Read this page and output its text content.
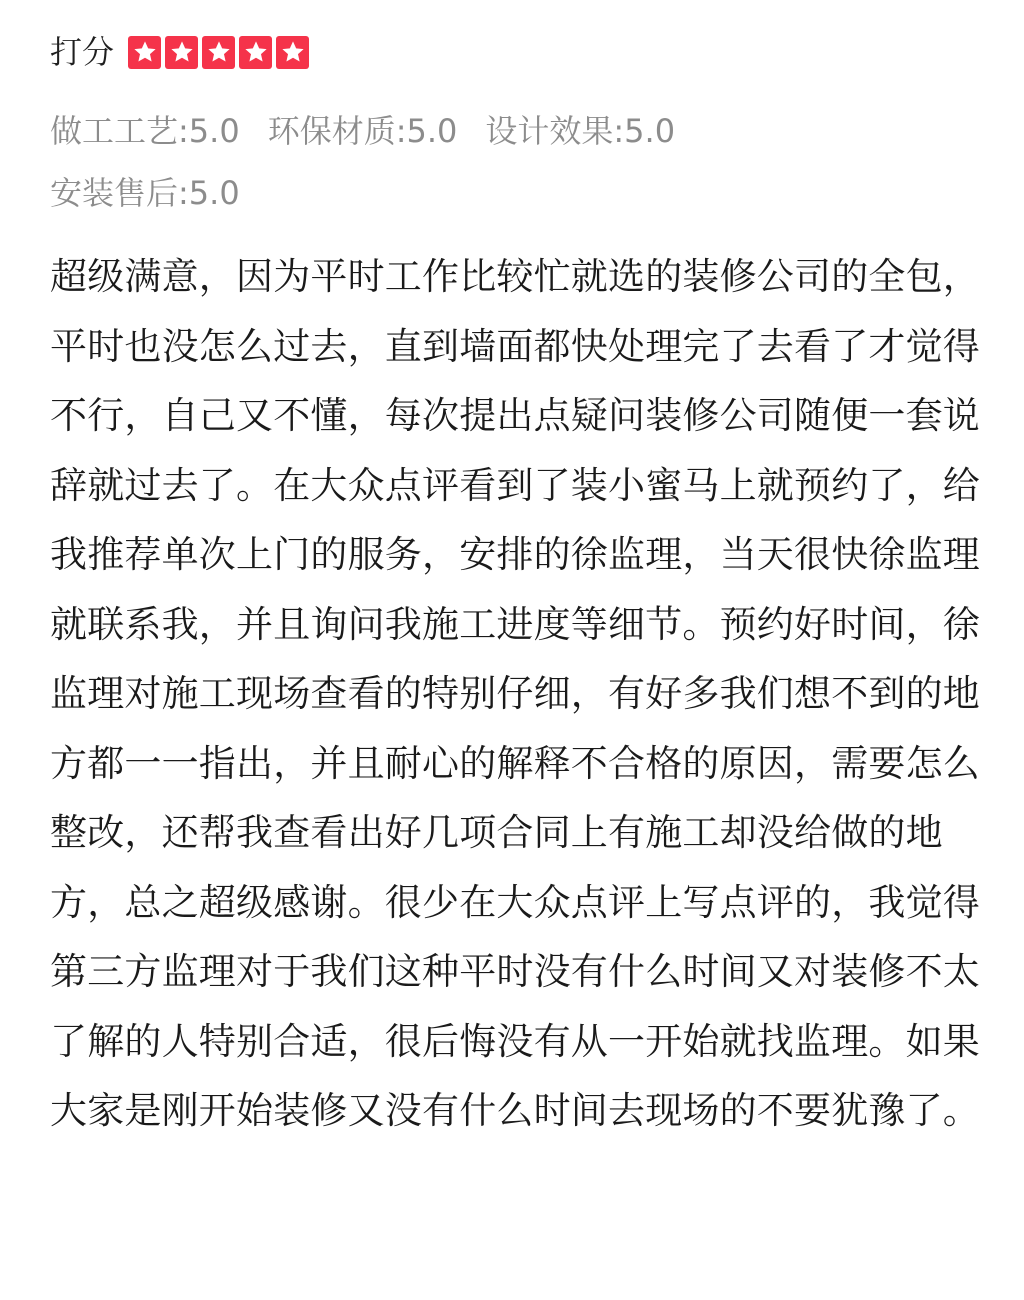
打分
做工工艺:5.0 环保材质:5.0 设计效果:5.0安装售后:5.0
超级满意，因为平时工作比较忙就选的装修公司的全包，平时也没怎么过去，直到墙面都快处理完了去看了才觉得不行，自己又不懂，每次提出点疑问装修公司随便一套说辞就过去了。在大众点评看到了装小蜜马上就预约了，给我推荐单次上门的服务，安排的徐监理，当天很快徐监理就联系我，并且询问我施工进度等细节。预约好时间，徐监理对施工现场查看的特别仔细，有好多我们想不到的地方都一一指出，并且耐心的解释不合格的原因，需要怎么整改，还帮我查看出好几项合同上有施工却没给做的地方，总之超级感谢。很少在大众点评上写点评的，我觉得第三方监理对于我们这种平时没有什么时间又对装修不太了解的人特别合适，很后悔没有从一开始就找监理。如果大家是刚开始装修又没有什么时间去现场的不要犹豫了。
